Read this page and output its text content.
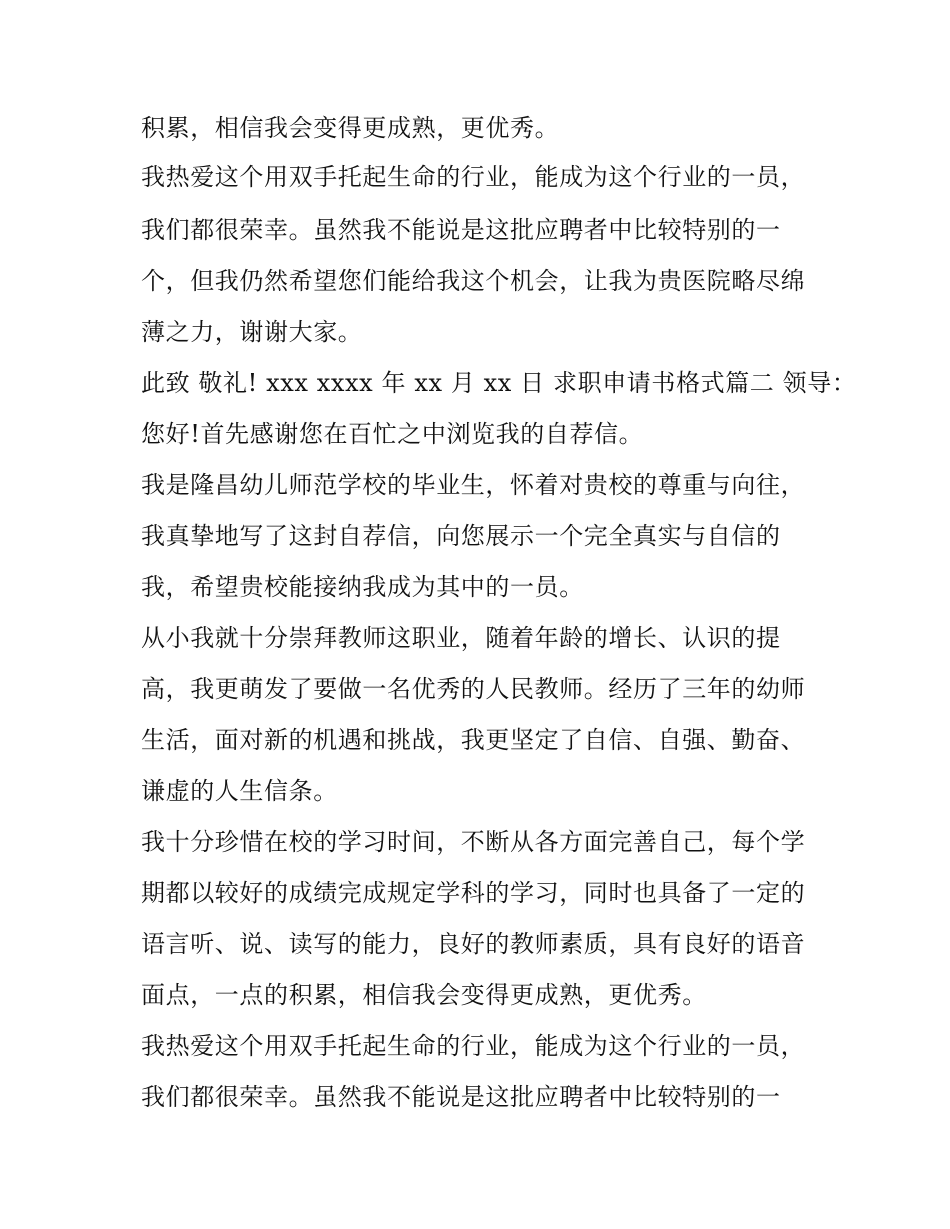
积累，相信我会变得更成熟，更优秀。
我热爱这个用双手托起生命的行业，能成为这个行业的一员，
我们都很荣幸。虽然我不能说是这批应聘者中比较特别的一
个，但我仍然希望您们能给我这个机会，让我为贵医院略尽绵
薄之力，谢谢大家。
此致 敬礼! xxx xxxx 年 xx 月 xx 日 求职申请书格式篇二 领导：
您好!首先感谢您在百忙之中浏览我的自荐信。
我是隆昌幼儿师范学校的毕业生，怀着对贵校的尊重与向往，
我真挚地写了这封自荐信，向您展示一个完全真实与自信的
我，希望贵校能接纳我成为其中的一员。
从小我就十分崇拜教师这职业，随着年龄的增长、认识的提
高，我更萌发了要做一名优秀的人民教师。经历了三年的幼师
生活，面对新的机遇和挑战，我更坚定了自信、自强、勤奋、
谦虚的人生信条。
我十分珍惜在校的学习时间，不断从各方面完善自己，每个学
期都以较好的成绩完成规定学科的学习，同时也具备了一定的
语言听、说、读写的能力，良好的教师素质，具有良好的语音
面点，一点的积累，相信我会变得更成熟，更优秀。
我热爱这个用双手托起生命的行业，能成为这个行业的一员，
我们都很荣幸。虽然我不能说是这批应聘者中比较特别的一
